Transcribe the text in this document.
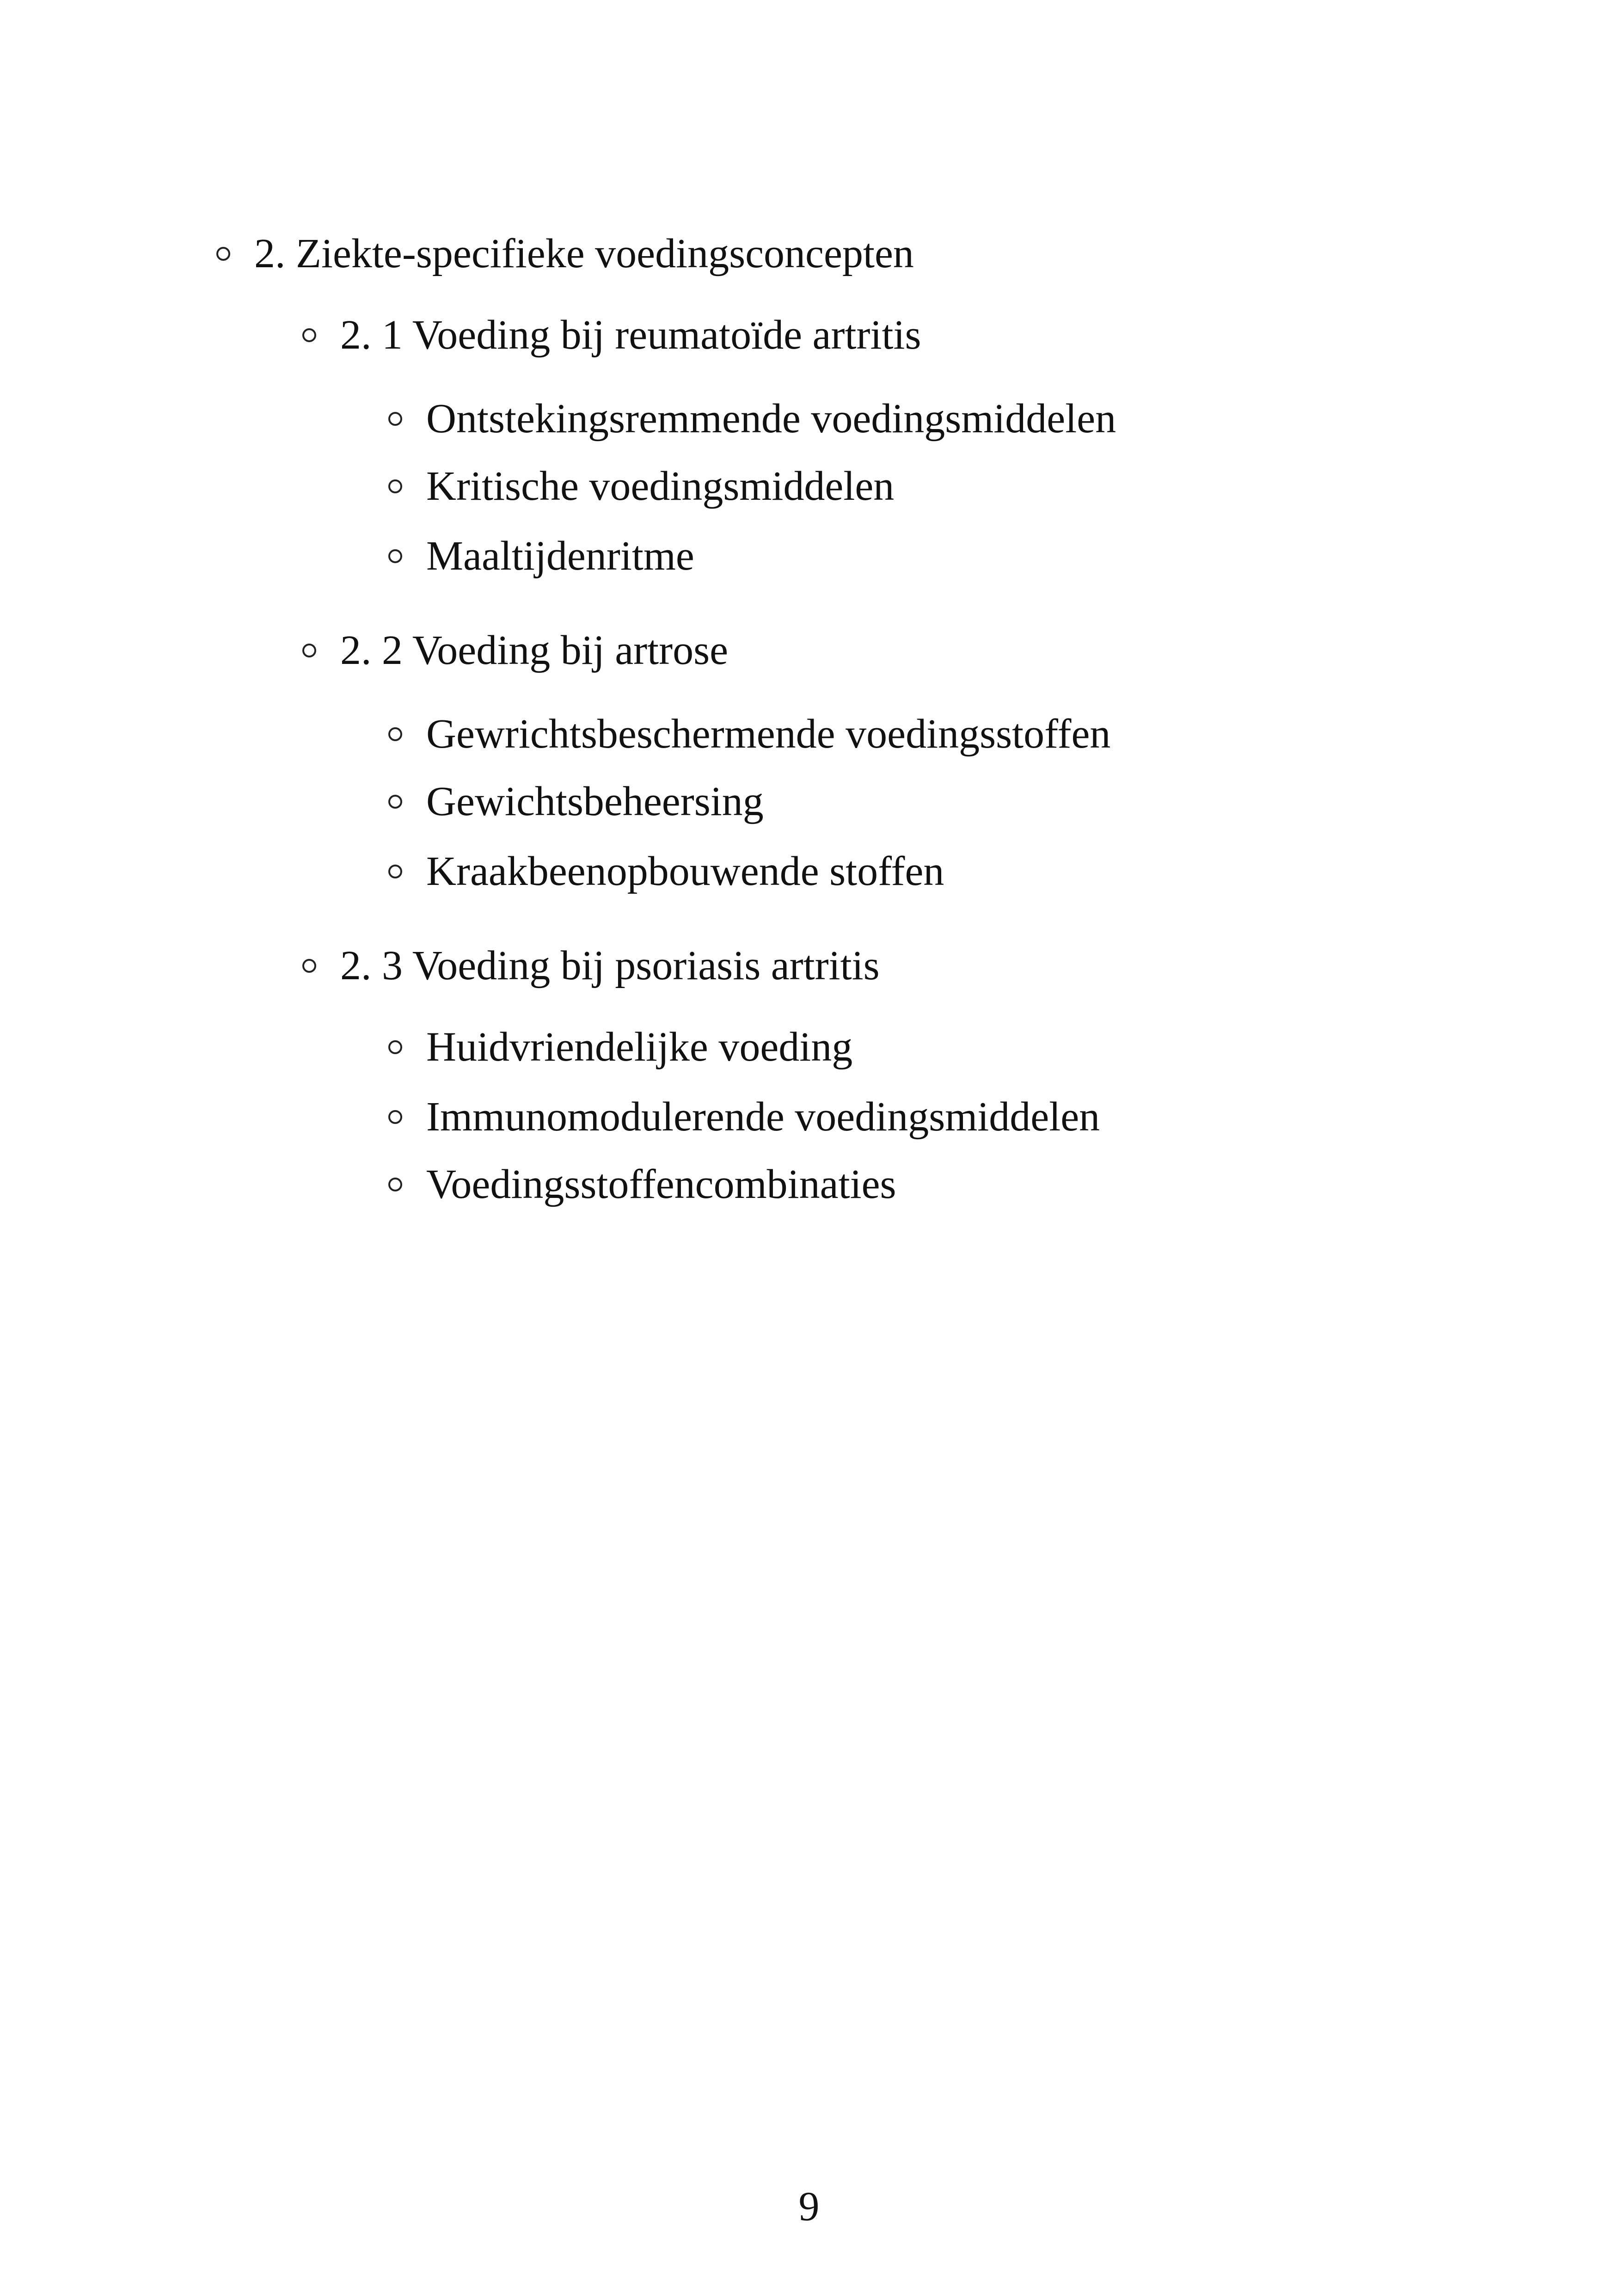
2. Ziekte-specifieke voedingsconcepten
2. 1 Voeding bij reumatoïde artritis
Ontstekingsremmende voedingsmiddelen
Kritische voedingsmiddelen
Maaltijdenritme
2. 2 Voeding bij artrose
Gewrichtsbeschermende voedingsstoffen
Gewichtsbeheersing
Kraakbeenopbouwende stoffen
2. 3 Voeding bij psoriasis artritis
Huidvriendelijke voeding
Immunomodulerende voedingsmiddelen
Voedingsstoffencombinaties
9
